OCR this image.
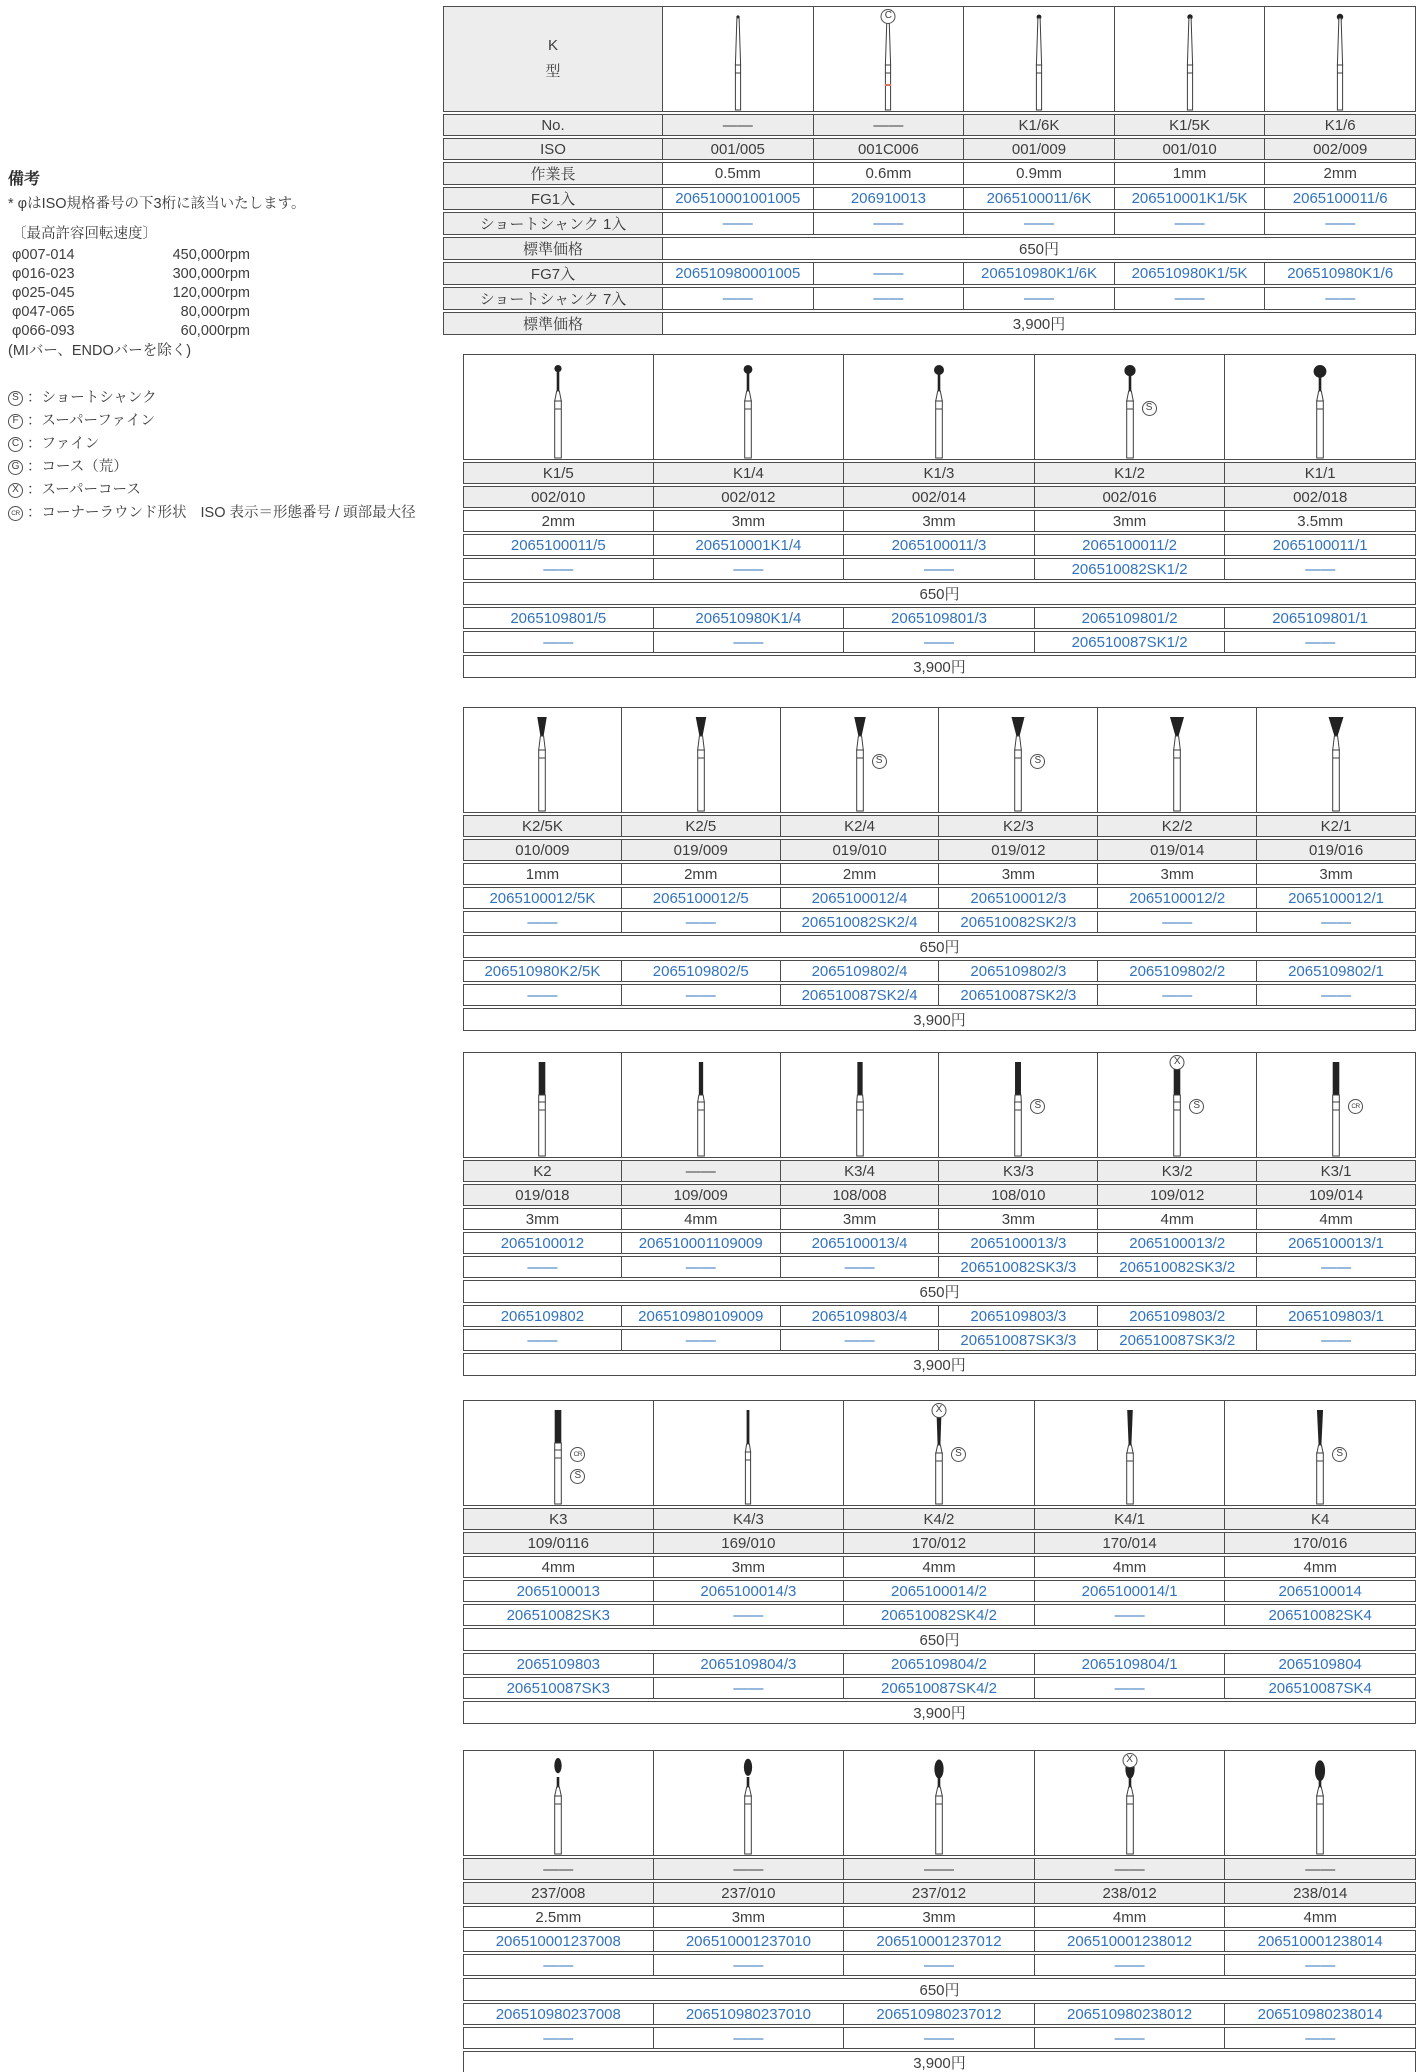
備考

* φはISO規格番号の下3桁に該当いたします。

〔最高許容回転速度〕

φ007-014	450,000rpm
φ016-023	300,000rpm
φ025-045	120,000rpm
φ047-065	80,000rpm
φ066-093	60,000rpm

(MIバー、ENDOバーを除く)

S ： ショートシャンク
F ： スーパーファイン
C ： ファイン
G ： コース（荒）
X ： スーパーコース
CR ： コーナーラウンド形状 ISO 表示＝形態番号 / 頭部最大径
K
型		C

No.	——	——	K1/6K	K1/5K	K1/6
ISO	001/005	001C006	001/009	001/010	002/009
作業長	0.5mm	0.6mm	0.9mm	1mm	2mm
FG1入	206510001001005	206910013	2065100011/6K	206510001K1/5K	2065100011/6
ショートシャンク 1入	——	——	——	——	——
標準価格	650円				
FG7入	206510980001005	——	206510980K1/6K	206510980K1/5K	206510980K1/6
ショートシャンク 7入	——	——	——	——	——
標準価格	3,900円				

S

K1/5	K1/4	K1/3	K1/2	K1/1
002/010	002/012	002/014	002/016	002/018
2mm	3mm	3mm	3mm	3.5mm
2065100011/5	206510001K1/4	2065100011/3	2065100011/2	2065100011/1
——	——	——	206510082SK1/2	——
650円				
2065109801/5	206510980K1/4	2065109801/3	2065109801/2	2065109801/1
——	——	——	206510087SK1/2	——
3,900円				

S	S

K2/5K	K2/5	K2/4	K2/3	K2/2	K2/1
010/009	019/009	019/010	019/012	019/014	019/016
1mm	2mm	2mm	3mm	3mm	3mm
2065100012/5K	2065100012/5	2065100012/4	2065100012/3	2065100012/2	2065100012/1
——	——	206510082SK2/4	206510082SK2/3	——	——
650円					
206510980K2/5K	2065109802/5	2065109802/4	2065109802/3	2065109802/2	2065109802/1
——	——	206510087SK2/4	206510087SK2/3	——	——
3,900円					

S	X
S	CR

K2	——	K3/4	K3/3	K3/2	K3/1
019/018	109/009	108/008	108/010	109/012	109/014
3mm	4mm	3mm	3mm	4mm	4mm
2065100012	206510001109009	2065100013/4	2065100013/3	2065100013/2	2065100013/1
——	——	——	206510082SK3/3	206510082SK3/2	——
650円					
2065109802	206510980109009	2065109803/4	2065109803/3	2065109803/2	2065109803/1
——	——	——	206510087SK3/3	206510087SK3/2	——
3,900円					
CR
S		X
S		S

K3	K4/3	K4/2	K4/1	K4
109/0116	169/010	170/012	170/014	170/016
4mm	3mm	4mm	4mm	4mm
2065100013	2065100014/3	2065100014/2	2065100014/1	2065100014
206510082SK3	——	206510082SK4/2	——	206510082SK4
650円				
2065109803	2065109804/3	2065109804/2	2065109804/1	2065109804
206510087SK3	——	206510087SK4/2	——	206510087SK4
3,900円				

X

——	——	——	——	——
237/008	237/010	237/012	238/012	238/014
2.5mm	3mm	3mm	4mm	4mm
206510001237008	206510001237010	206510001237012	206510001238012	206510001238014
——	——	——	——	——
650円				
206510980237008	206510980237010	206510980237012	206510980238012	206510980238014
——	——	——	——	——
3,900円				
